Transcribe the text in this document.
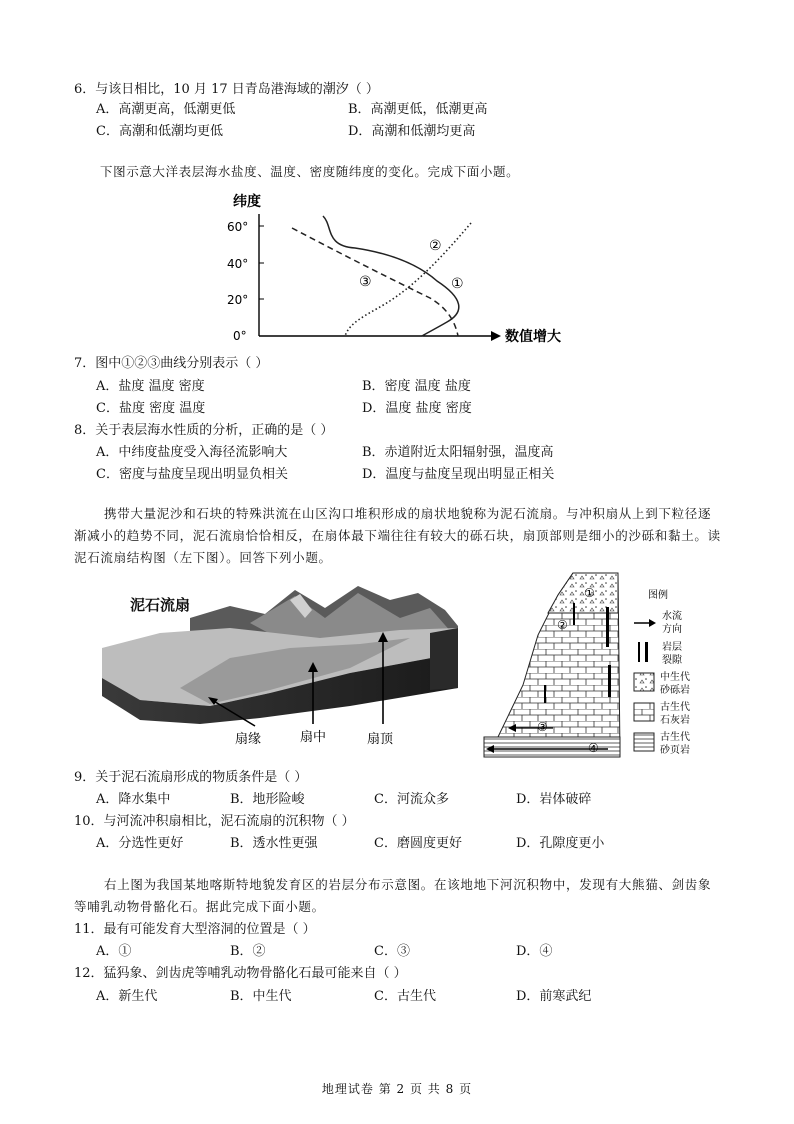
6．与该日相比，10 月 17 日青岛港海域的潮汐（ ）
A．高潮更高，低潮更低	B．高潮更低，低潮更高
C．高潮和低潮均更低	D．高潮和低潮均更高
下图示意大洋表层海水盐度、温度、密度随纬度的变化。完成下面小题。
纬度
60°
40°
20°
0°	数值增大
①
②
③
7．图中①②③曲线分别表示（ ）
A．盐度 温度 密度	B．密度 温度 盐度
C．盐度 密度 温度	D．温度 盐度 密度
8．关于表层海水性质的分析，正确的是（ ）
A．中纬度盐度受入海径流影响大	B．赤道附近太阳辐射强，温度高
C．密度与盐度呈现出明显负相关	D．温度与盐度呈现出明显正相关
携带大量泥沙和石块的特殊洪流在山区沟口堆积形成的扇状地貌称为泥石流扇。与冲积扇从上到下粒径逐渐减小的趋势不同，泥石流扇恰恰相反，在扇体最下端往往有较大的砾石块，扇顶部则是细小的沙砾和黏土。读泥石流扇结构图（左下图）。回答下列小题。
泥石流扇
扇缘	扇中	扇顶
①
②
③
④
图例
水流
方向
岩层
裂隙
中生代
砂砾岩
古生代
石灰岩
古生代
砂页岩
9．关于泥石流扇形成的物质条件是（ ）
A．降水集中	B．地形险峻	C．河流众多	D．岩体破碎
10．与河流冲积扇相比，泥石流扇的沉积物（ ）
A．分选性更好	B．透水性更强	C．磨圆度更好	D．孔隙度更小
右上图为我国某地喀斯特地貌发育区的岩层分布示意图。在该地地下河沉积物中，发现有大熊猫、剑齿象等哺乳动物骨骼化石。据此完成下面小题。
11．最有可能发育大型溶洞的位置是（ ）
A．①	B．②	C．③	D．④
12．猛犸象、剑齿虎等哺乳动物骨骼化石最可能来自（ ）
A．新生代	B．中生代	C．古生代	D．前寒武纪
地理试卷 第 2 页 共 8 页
